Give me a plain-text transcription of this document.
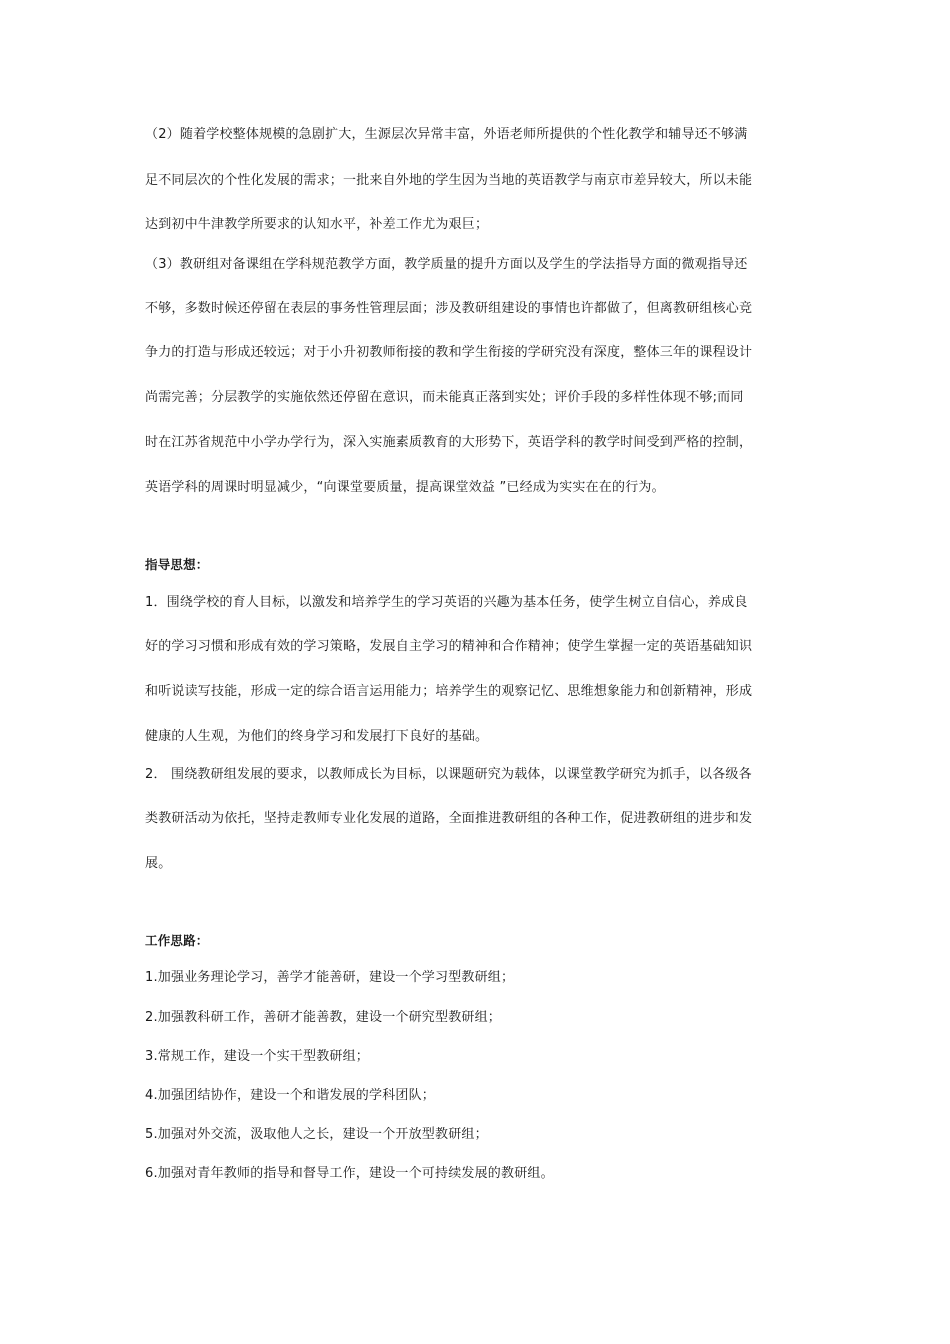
（2）随着学校整体规模的急剧扩大，生源层次异常丰富，外语老师所提供的个性化教学和辅导还不够满
足不同层次的个性化发展的需求；一批来自外地的学生因为当地的英语教学与南京市差异较大，所以未能
达到初中牛津教学所要求的认知水平，补差工作尤为艰巨；
（3）教研组对备课组在学科规范教学方面，教学质量的提升方面以及学生的学法指导方面的微观指导还
不够，多数时候还停留在表层的事务性管理层面；涉及教研组建设的事情也许都做了，但离教研组核心竞
争力的打造与形成还较远；对于小升初教师衔接的教和学生衔接的学研究没有深度，整体三年的课程设计
尚需完善；分层教学的实施依然还停留在意识，而未能真正落到实处；评价手段的多样性体现不够;而同
时在江苏省规范中小学办学行为，深入实施素质教育的大形势下，英语学科的教学时间受到严格的控制，
英语学科的周课时明显减少，“向课堂要质量，提高课堂效益 ”已经成为实实在在的行为。
指导思想：
1．围绕学校的育人目标，以激发和培养学生的学习英语的兴趣为基本任务，使学生树立自信心，养成良
好的学习习惯和形成有效的学习策略，发展自主学习的精神和合作精神；使学生掌握一定的英语基础知识
和听说读写技能，形成一定的综合语言运用能力；培养学生的观察记忆、思维想象能力和创新精神，形成
健康的人生观，为他们的终身学习和发展打下良好的基础。
2． 围绕教研组发展的要求，以教师成长为目标，以课题研究为载体，以课堂教学研究为抓手，以各级各
类教研活动为依托，坚持走教师专业化发展的道路，全面推进教研组的各种工作，促进教研组的进步和发
展。
工作思路：
1.加强业务理论学习，善学才能善研，建设一个学习型教研组；
2.加强教科研工作，善研才能善教，建设一个研究型教研组；
3.常规工作，建设一个实干型教研组；
4.加强团结协作，建设一个和谐发展的学科团队；
5.加强对外交流，汲取他人之长，建设一个开放型教研组；
6.加强对青年教师的指导和督导工作，建设一个可持续发展的教研组。
